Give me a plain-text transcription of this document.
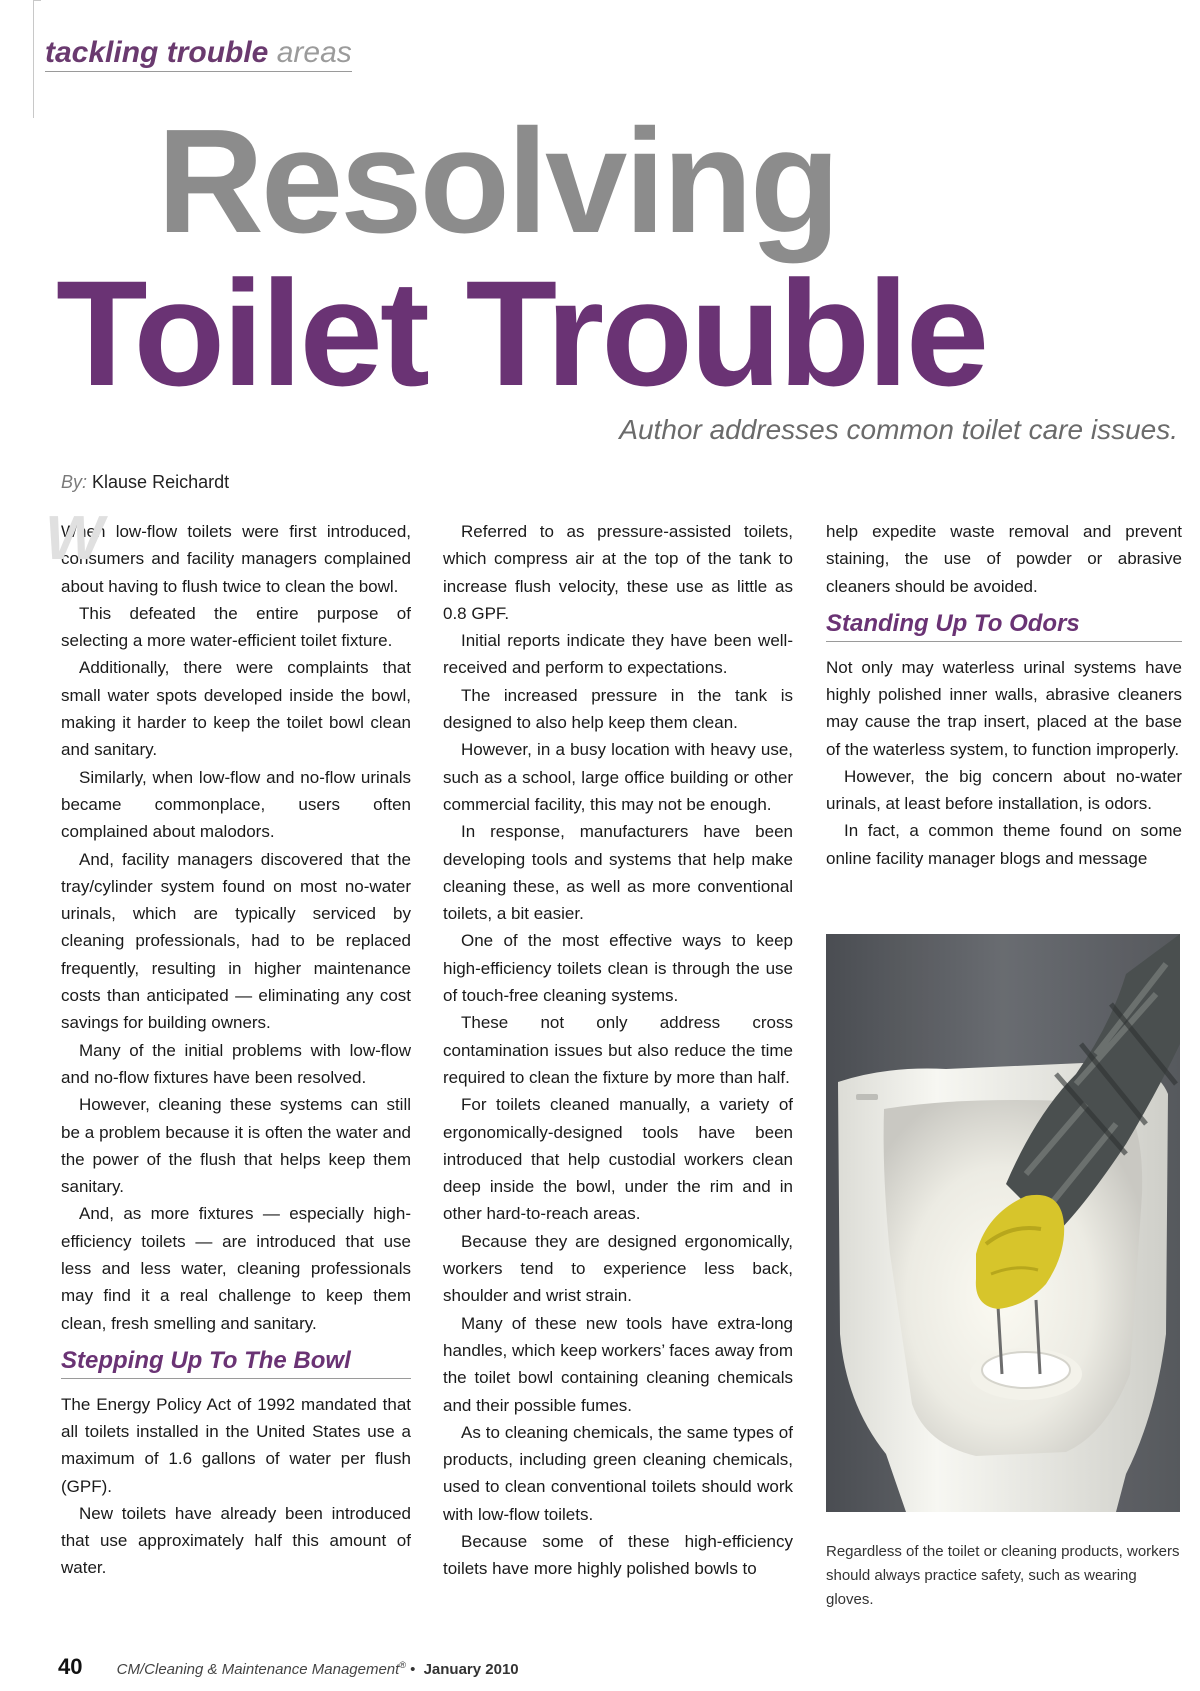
tackling trouble areas
Resolving
Toilet Trouble
Author addresses common toilet care issues.
By: Klause Reichardt
W

When low-flow toilets were first introduced, consumers and facility managers complained about having to flush twice to clean the bowl.

This defeated the entire purpose of selecting a more water-efficient toilet fixture.

Additionally, there were complaints that small water spots developed inside the bowl, making it harder to keep the toilet bowl clean and sanitary.

Similarly, when low-flow and no-flow urinals became commonplace, users often complained about malodors.

And, facility managers discovered that the tray/cylinder system found on most no-water urinals, which are typically serviced by cleaning professionals, had to be replaced frequently, resulting in higher maintenance costs than anticipated — eliminating any cost savings for building owners.

Many of the initial problems with low-flow and no-flow fixtures have been resolved.

However, cleaning these systems can still be a problem because it is often the water and the power of the flush that helps keep them sanitary.

And, as more fixtures — especially high-efficiency toilets — are introduced that use less and less water, cleaning professionals may find it a real challenge to keep them clean, fresh smelling and sanitary.

Stepping Up To The Bowl

The Energy Policy Act of 1992 mandated that all toilets installed in the United States use a maximum of 1.6 gallons of water per flush (GPF).

New toilets have already been introduced that use approximately half this amount of water.

Referred to as pressure-assisted toilets, which compress air at the top of the tank to increase flush velocity, these use as little as 0.8 GPF.

Initial reports indicate they have been well-received and perform to expectations.

The increased pressure in the tank is designed to also help keep them clean.

However, in a busy location with heavy use, such as a school, large office building or other commercial facility, this may not be enough.

In response, manufacturers have been developing tools and systems that help make cleaning these, as well as more conventional toilets, a bit easier.

One of the most effective ways to keep high-efficiency toilets clean is through the use of touch-free cleaning systems.

These not only address cross contamination issues but also reduce the time required to clean the fixture by more than half.

For toilets cleaned manually, a variety of ergonomically-designed tools have been introduced that help custodial workers clean deep inside the bowl, under the rim and in other hard-to-reach areas.

Because they are designed ergonomically, workers tend to experience less back, shoulder and wrist strain.

Many of these new tools have extra-long handles, which keep workers’ faces away from the toilet bowl containing cleaning chemicals and their possible fumes.

As to cleaning chemicals, the same types of products, including green cleaning chemicals, used to clean conventional toilets should work with low-flow toilets.

Because some of these high-efficiency toilets have more highly polished bowls to

help expedite waste removal and prevent staining, the use of powder or abrasive cleaners should be avoided.

Standing Up To Odors

Not only may waterless urinal systems have highly polished inner walls, abrasive cleaners may cause the trap insert, placed at the base of the waterless system, to function improperly.

However, the big concern about no-water urinals, at least before installation, is odors.

In fact, a common theme found on some online facility manager blogs and message

Regardless of the toilet or cleaning products, workers should always practice safety, such as wearing gloves.
40 CM/Cleaning & Maintenance Management® • January 2010
